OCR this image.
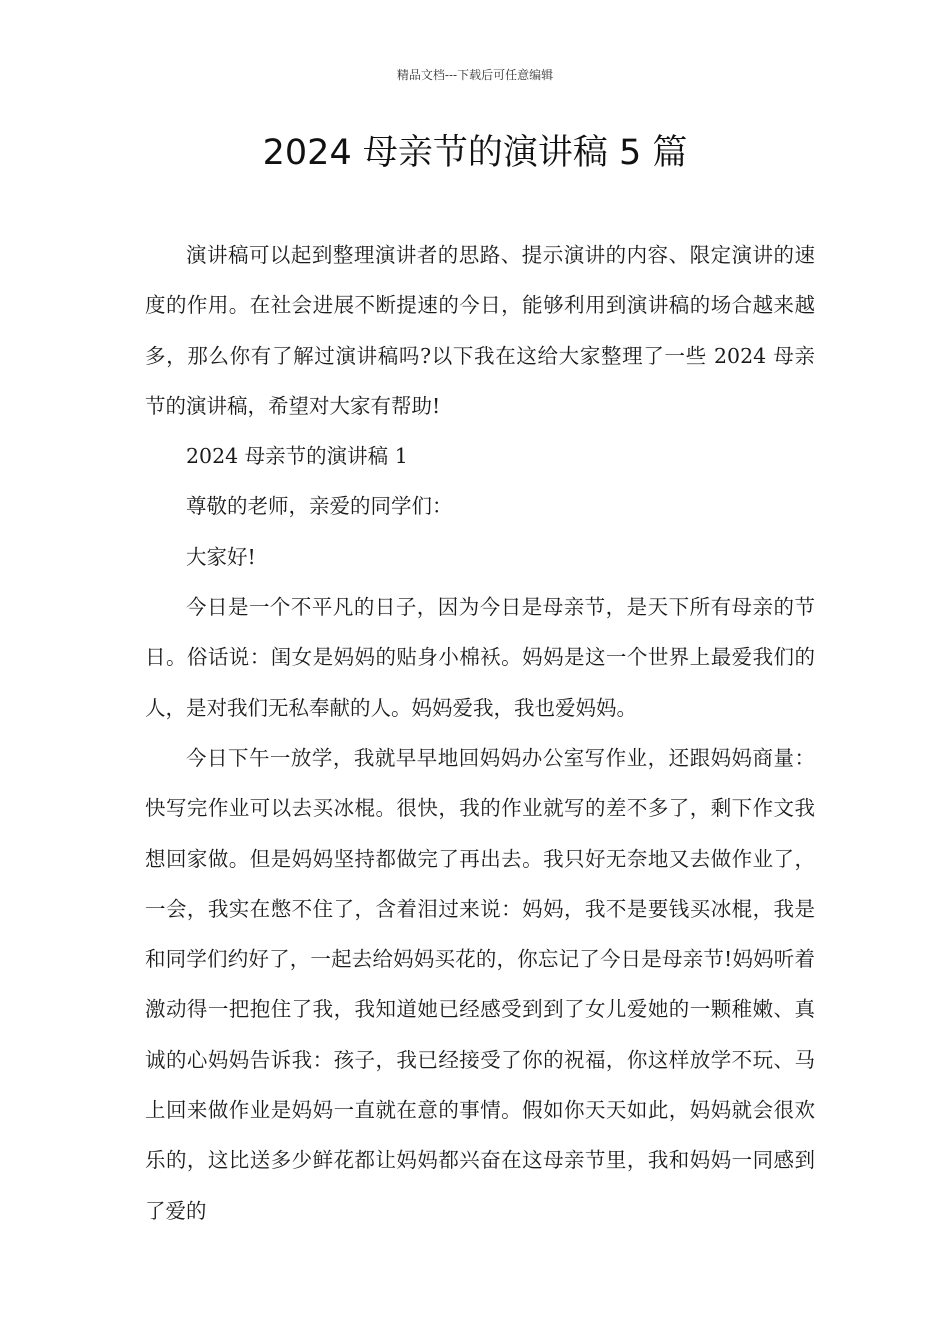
精品文档---下载后可任意编辑
2024 母亲节的演讲稿 5 篇

演讲稿可以起到整理演讲者的思路、提示演讲的内容、限定演讲的速度的作用。在社会进展不断提速的今日，能够利用到演讲稿的场合越来越多，那么你有了解过演讲稿吗?以下我在这给大家整理了一些 2024 母亲节的演讲稿，希望对大家有帮助!

2024 母亲节的演讲稿 1

尊敬的老师，亲爱的同学们：

大家好!

今日是一个不平凡的日子，因为今日是母亲节，是天下所有母亲的节日。俗话说：闺女是妈妈的贴身小棉袄。妈妈是这一个世界上最爱我们的人，是对我们无私奉献的人。妈妈爱我，我也爱妈妈。

今日下午一放学，我就早早地回妈妈办公室写作业，还跟妈妈商量：快写完作业可以去买冰棍。很快，我的作业就写的差不多了，剩下作文我想回家做。但是妈妈坚持都做完了再出去。我只好无奈地又去做作业了，一会，我实在憋不住了，含着泪过来说：妈妈，我不是要钱买冰棍，我是和同学们约好了，一起去给妈妈买花的，你忘记了今日是母亲节!妈妈听着激动得一把抱住了我，我知道她已经感受到到了女儿爱她的一颗稚嫩、真诚的心妈妈告诉我：孩子，我已经接受了你的祝福，你这样放学不玩、马上回来做作业是妈妈一直就在意的事情。假如你天天如此，妈妈就会很欢乐的，这比送多少鲜花都让妈妈都兴奋在这母亲节里，我和妈妈一同感到了爱的
